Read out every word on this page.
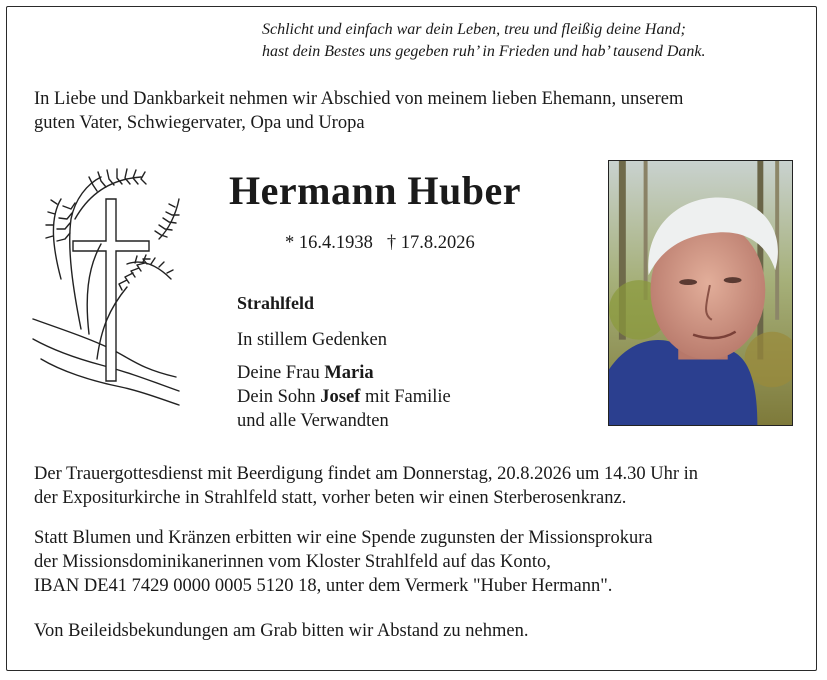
Schlicht und einfach war dein Leben, treu und fleißig deine Hand;
hast dein Bestes uns gegeben ruh’ in Frieden und hab’ tausend Dank.
In Liebe und Dankbarkeit nehmen wir Abschied von meinem lieben Ehemann, unserem
guten Vater, Schwiegervater, Opa und Uropa
Hermann Huber
* 16.4.1938 † 17.8.2026
Strahlfeld
In stillem Gedenken
Deine Frau Maria
Dein Sohn Josef mit Familie
und alle Verwandten
Der Trauergottesdienst mit Beerdigung findet am Donnerstag, 20.8.2026 um 14.30 Uhr in
der Expositurkirche in Strahlfeld statt, vorher beten wir einen Sterberosenkranz.
Statt Blumen und Kränzen erbitten wir eine Spende zugunsten der Missionsprokura
der Missionsdominikanerinnen vom Kloster Strahlfeld auf das Konto,
IBAN DE41 7429 0000 0005 5120 18, unter dem Vermerk "Huber Hermann".
Von Beileidsbekundungen am Grab bitten wir Abstand zu nehmen.
